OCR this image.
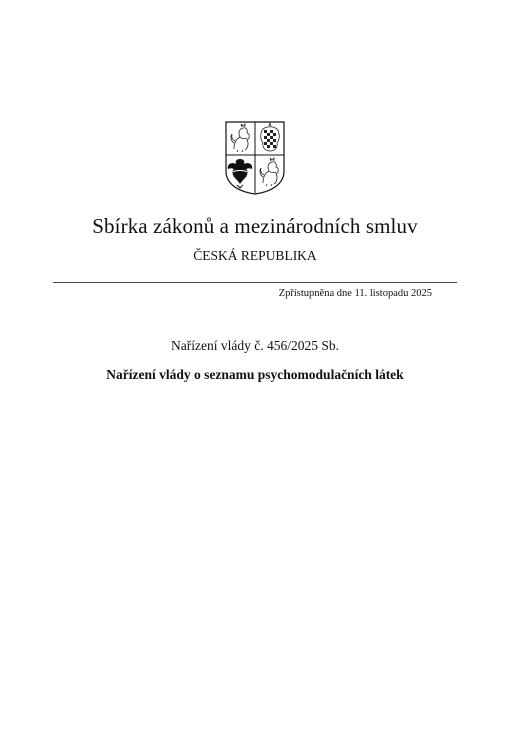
Sbírka zákonů a mezinárodních smluv
ČESKÁ REPUBLIKA
Zpřístupněna dne 11. listopadu 2025
Nařízení vlády č. 456/2025 Sb.
Nařízení vlády o seznamu psychomodulačních látek
